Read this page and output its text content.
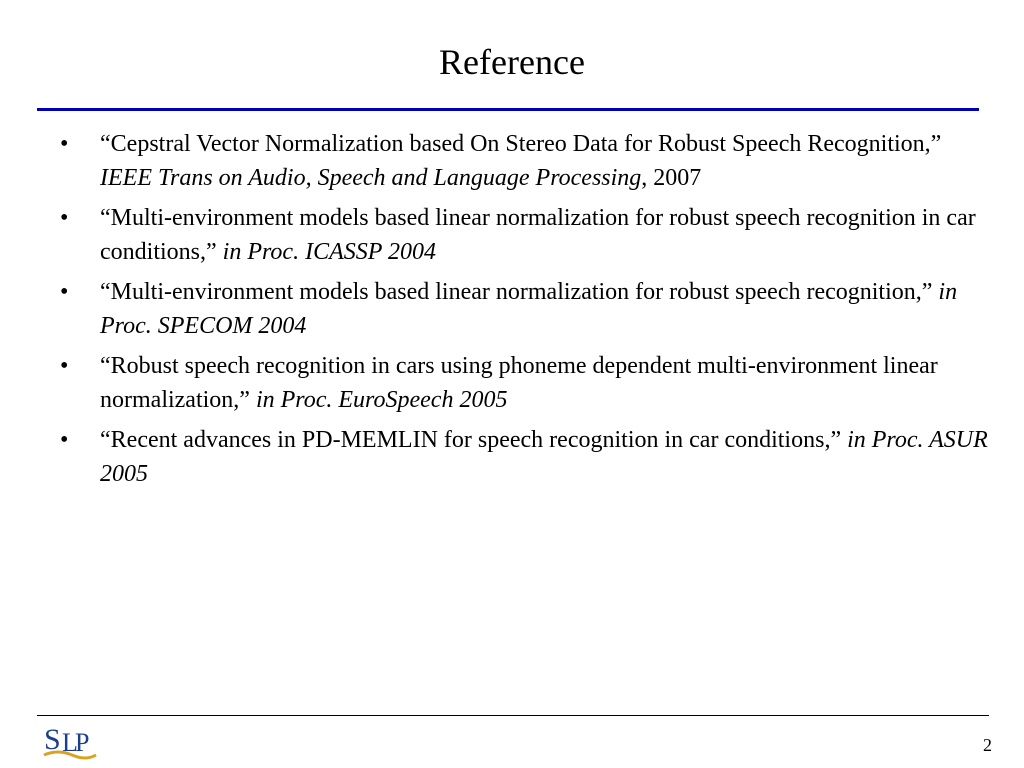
Reference
• “Cepstral Vector Normalization based On Stereo Data for Robust Speech Recognition,” IEEE Trans on Audio, Speech and Language Processing, 2007
• “Multi-environment models based linear normalization for robust speech recognition in car conditions,” in Proc. ICASSP 2004
• “Multi-environment models based linear normalization for robust speech recognition,” in Proc. SPECOM 2004
• “Robust speech recognition in cars using phoneme dependent multi-environment linear normalization,” in Proc. EuroSpeech 2005
• “Recent advances in PD-MEMLIN for speech recognition in car conditions,” in Proc. ASUR 2005
S L
P	2
